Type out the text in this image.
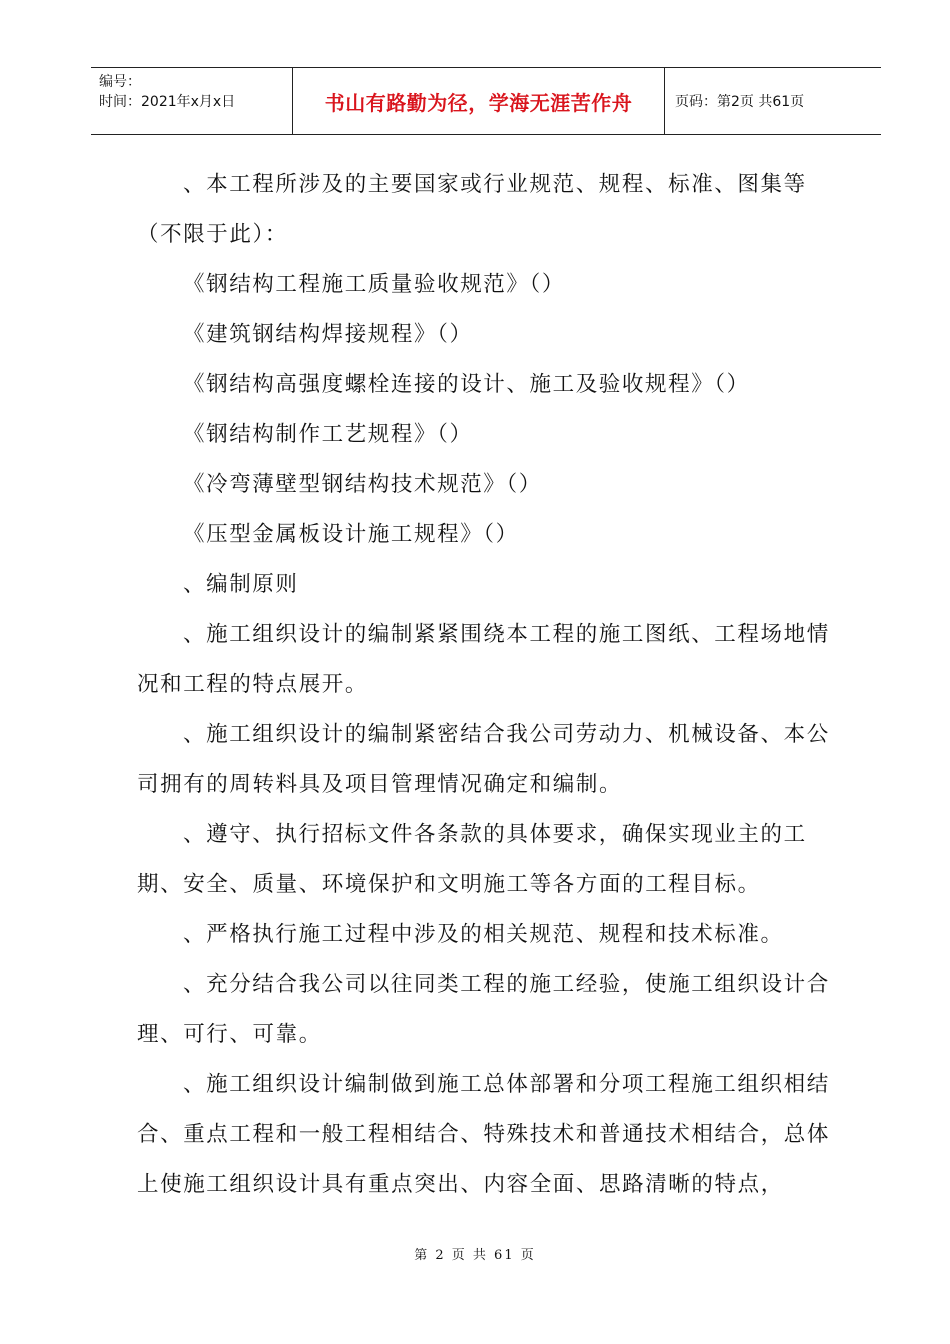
编号：
时间：2021年x月x日	书山有路勤为径，学海无涯苦作舟	页码：第2页 共61页

、本工程所涉及的主要国家或行业规范、规程、标准、图集等（不限于此）：

《钢结构工程施工质量验收规范》（）

《建筑钢结构焊接规程》（）

《钢结构高强度螺栓连接的设计、施工及验收规程》（）

《钢结构制作工艺规程》（）

《冷弯薄壁型钢结构技术规范》（）

《压型金属板设计施工规程》（）

、编制原则

、施工组织设计的编制紧紧围绕本工程的施工图纸、工程场地情况和工程的特点展开。

、施工组织设计的编制紧密结合我公司劳动力、机械设备、本公司拥有的周转料具及项目管理情况确定和编制。

、遵守、执行招标文件各条款的具体要求，确保实现业主的工期、安全、质量、环境保护和文明施工等各方面的工程目标。

、严格执行施工过程中涉及的相关规范、规程和技术标准。

、充分结合我公司以往同类工程的施工经验，使施工组织设计合理、可行、可靠。

、施工组织设计编制做到施工总体部署和分项工程施工组织相结合、重点工程和一般工程相结合、特殊技术和普通技术相结合，总体上使施工组织设计具有重点突出、内容全面、思路清晰的特点，

第 2 页 共 61 页
